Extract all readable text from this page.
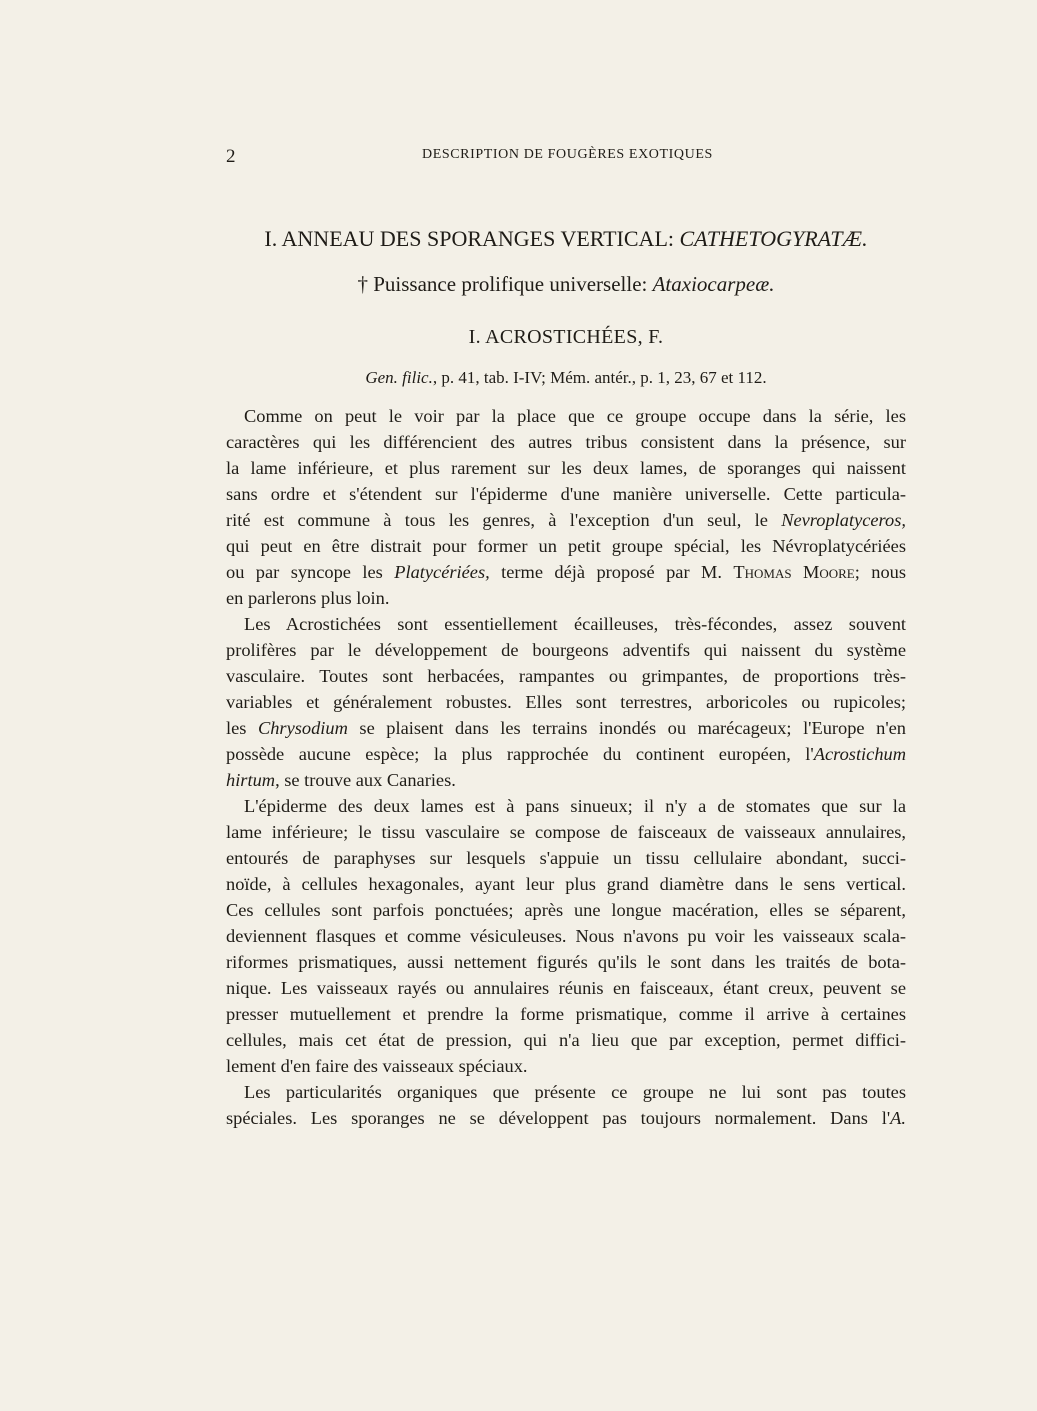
2	DESCRIPTION DE FOUGÈRES EXOTIQUES
I. ANNEAU DES SPORANGES VERTICAL: CATHETOGYRATÆ.
† Puissance prolifique universelle: Ataxiocarpeæ.
I. ACROSTICHÉES, F.
Gen. filic., p. 41, tab. I-IV; Mém. antér., p. 1, 23, 67 et 112.
Comme on peut le voir par la place que ce groupe occupe dans la série, les
caractères qui les différencient des autres tribus consistent dans la présence, sur
la lame inférieure, et plus rarement sur les deux lames, de sporanges qui naissent
sans ordre et s'étendent sur l'épiderme d'une manière universelle. Cette particula-
rité est commune à tous les genres, à l'exception d'un seul, le Nevroplatyceros,
qui peut en être distrait pour former un petit groupe spécial, les Névroplatycériées
ou par syncope les Platycériées, terme déjà proposé par M. Thomas Moore; nous
en parlerons plus loin.
Les Acrostichées sont essentiellement écailleuses, très-fécondes, assez souvent
prolifères par le développement de bourgeons adventifs qui naissent du système
vasculaire. Toutes sont herbacées, rampantes ou grimpantes, de proportions très-
variables et généralement robustes. Elles sont terrestres, arboricoles ou rupicoles;
les Chrysodium se plaisent dans les terrains inondés ou marécageux; l'Europe n'en
possède aucune espèce; la plus rapprochée du continent européen, l'Acrostichum
hirtum, se trouve aux Canaries.
L'épiderme des deux lames est à pans sinueux; il n'y a de stomates que sur la
lame inférieure; le tissu vasculaire se compose de faisceaux de vaisseaux annulaires,
entourés de paraphyses sur lesquels s'appuie un tissu cellulaire abondant, succi-
noïde, à cellules hexagonales, ayant leur plus grand diamètre dans le sens vertical.
Ces cellules sont parfois ponctuées; après une longue macération, elles se séparent,
deviennent flasques et comme vésiculeuses. Nous n'avons pu voir les vaisseaux scala-
riformes prismatiques, aussi nettement figurés qu'ils le sont dans les traités de bota-
nique. Les vaisseaux rayés ou annulaires réunis en faisceaux, étant creux, peuvent se
presser mutuellement et prendre la forme prismatique, comme il arrive à certaines
cellules, mais cet état de pression, qui n'a lieu que par exception, permet diffici-
lement d'en faire des vaisseaux spéciaux.
Les particularités organiques que présente ce groupe ne lui sont pas toutes
spéciales. Les sporanges ne se développent pas toujours normalement. Dans l'A.
